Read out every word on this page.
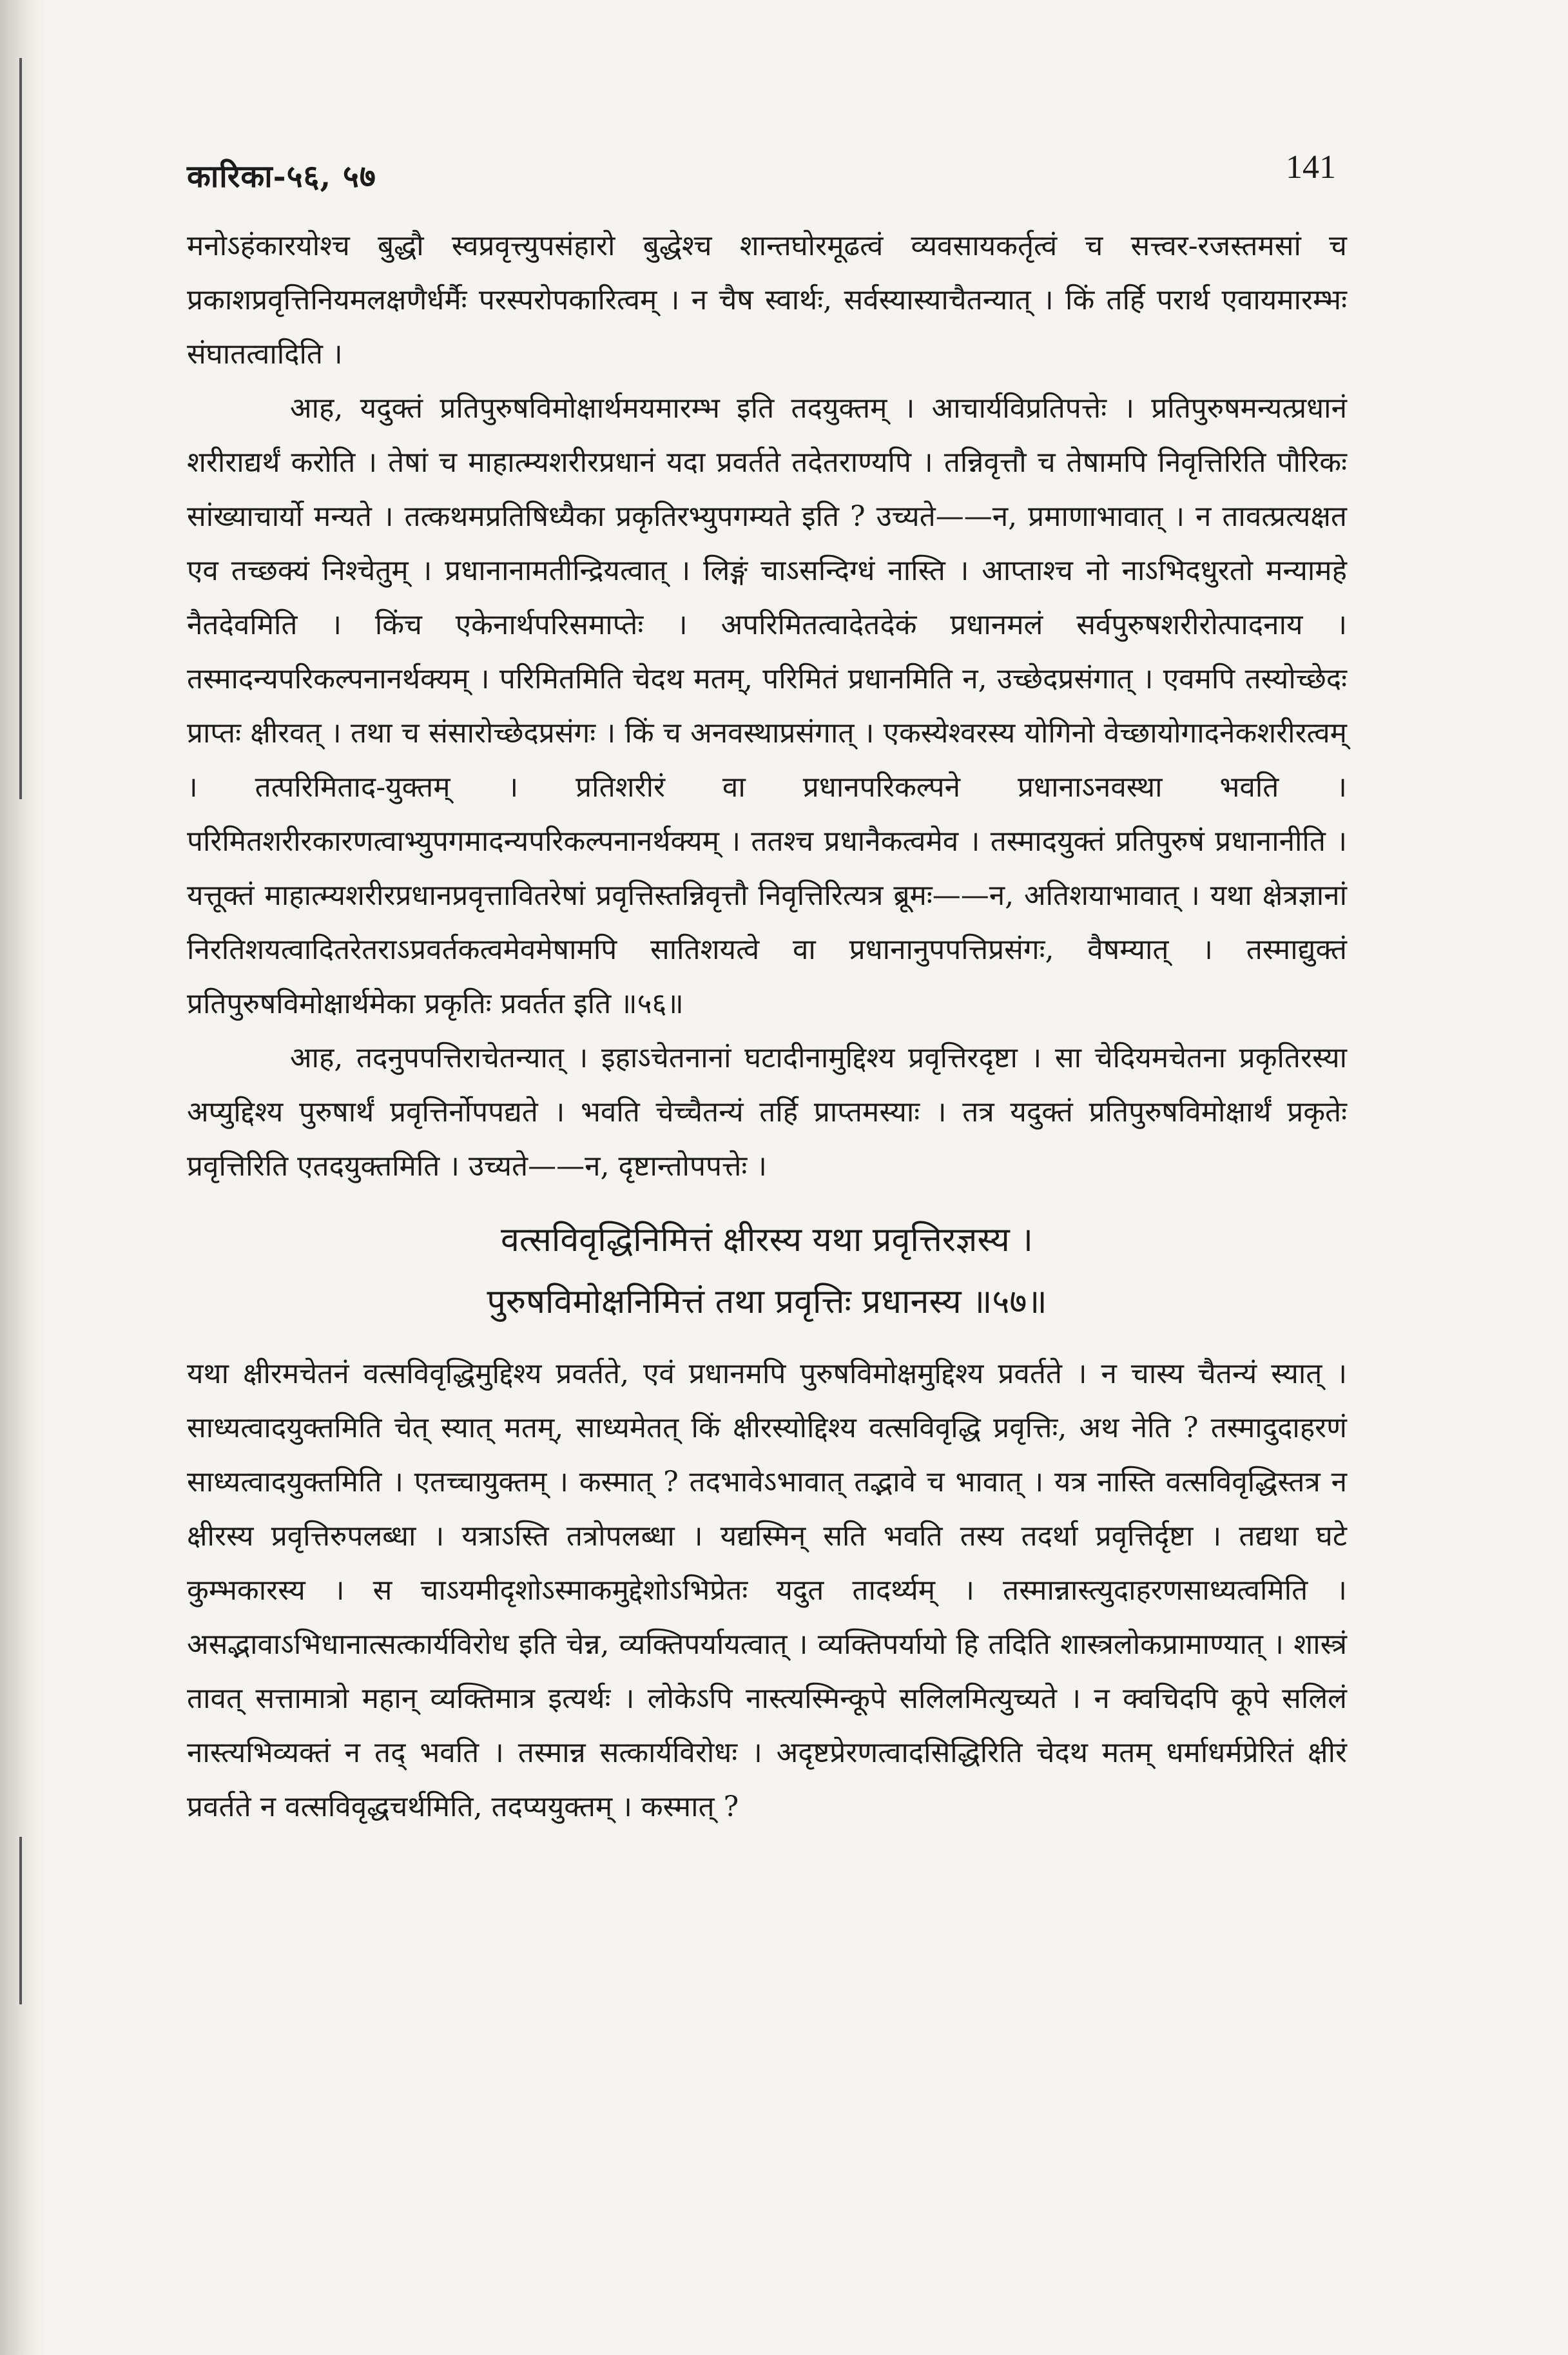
कारिका-५६, ५७	141

मनोऽहंकारयोश्च बुद्धौ स्वप्रवृत्त्युपसंहारो बुद्धेश्च शान्तघोरमूढत्वं व्यवसायकर्तृत्वं च सत्त्वर-रजस्तमसां च प्रकाशप्रवृत्तिनियमलक्षणैर्धर्मैः परस्परोपकारित्वम् । न चैष स्वार्थः, सर्वस्यास्याचैतन्यात् । किं तर्हि परार्थ एवायमारम्भः संघातत्वादिति ।

आह, यदुक्तं प्रतिपुरुषविमोक्षार्थमयमारम्भ इति तदयुक्तम् । आचार्यविप्रतिपत्तेः । प्रतिपुरुषमन्यत्प्रधानं शरीराद्यर्थं करोति । तेषां च माहात्म्यशरीरप्रधानं यदा प्रवर्तते तदेतराण्यपि । तन्निवृत्तौ च तेषामपि निवृत्तिरिति पौरिकः सांख्याचार्यो मन्यते । तत्कथमप्रतिषिध्यैका प्रकृतिरभ्युपगम्यते इति ? उच्यते——न, प्रमाणाभावात् । न तावत्प्रत्यक्षत एव तच्छक्यं निश्चेतुम् । प्रधानानामतीन्द्रियत्वात् । लिङ्गं चाऽसन्दिग्धं नास्ति । आप्ताश्च नो नाऽभिदधुरतो मन्यामहे नैतदेवमिति । किंच एकेनार्थपरिसमाप्तेः । अपरिमितत्वादेतदेकं प्रधानमलं सर्वपुरुषशरीरोत्पादनाय । तस्मादन्यपरिकल्पनानर्थक्यम् । परिमितमिति चेदथ मतम्, परिमितं प्रधानमिति न, उच्छेदप्रसंगात् । एवमपि तस्योच्छेदः प्राप्तः क्षीरवत् । तथा च संसारोच्छेदप्रसंगः । किं च अनवस्थाप्रसंगात् । एकस्येश्वरस्य योगिनो वेच्छायोगादनेकशरीरत्वम् । तत्परिमिताद-युक्तम् । प्रतिशरीरं वा प्रधानपरिकल्पने प्रधानाऽनवस्था भवति । परिमितशरीरकारणत्वाभ्युपगमादन्यपरिकल्पनानर्थक्यम् । ततश्च प्रधानैकत्वमेव । तस्मादयुक्तं प्रतिपुरुषं प्रधानानीति । यत्तूक्तं माहात्म्यशरीरप्रधानप्रवृत्तावितरेषां प्रवृत्तिस्तन्निवृत्तौ निवृत्तिरित्यत्र ब्रूमः——न, अतिशयाभावात् । यथा क्षेत्रज्ञानां निरतिशयत्वादितरेतराऽप्रवर्तकत्वमेवमेषामपि सातिशयत्वे वा प्रधानानुपपत्तिप्रसंगः, वैषम्यात् । तस्माद्युक्तं प्रतिपुरुषविमोक्षार्थमेका प्रकृतिः प्रवर्तत इति ॥५६॥

आह, तदनुपपत्तिराचेतन्यात् । इहाऽचेतनानां घटादीनामुद्दिश्य प्रवृत्तिरदृष्टा । सा चेदियमचेतना प्रकृतिरस्या अप्युद्दिश्य पुरुषार्थं प्रवृत्तिर्नोपपद्यते । भवति चेच्चैतन्यं तर्हि प्राप्तमस्याः । तत्र यदुक्तं प्रतिपुरुषविमोक्षार्थं प्रकृतेः प्रवृत्तिरिति एतदयुक्तमिति । उच्यते——न, दृष्टान्तोपपत्तेः ।

वत्सविवृद्धिनिमित्तं क्षीरस्य यथा प्रवृत्तिरज्ञस्य ।
पुरुषविमोक्षनिमित्तं तथा प्रवृत्तिः प्रधानस्य ॥५७॥

यथा क्षीरमचेतनं वत्सविवृद्धिमुद्दिश्य प्रवर्तते, एवं प्रधानमपि पुरुषविमोक्षमुद्दिश्य प्रवर्तते । न चास्य चैतन्यं स्यात् । साध्यत्वादयुक्तमिति चेत् स्यात् मतम्, साध्यमेतत् किं क्षीरस्योद्दिश्य वत्सविवृद्धि प्रवृत्तिः, अथ नेति ? तस्मादुदाहरणं साध्यत्वादयुक्तमिति । एतच्चायुक्तम् । कस्मात् ? तदभावेऽभावात् तद्भावे च भावात् । यत्र नास्ति वत्सविवृद्धिस्तत्र न क्षीरस्य प्रवृत्तिरुपलब्धा । यत्राऽस्ति तत्रोपलब्धा । यद्यस्मिन् सति भवति तस्य तदर्था प्रवृत्तिर्दृष्टा । तद्यथा घटे कुम्भकारस्य । स चाऽयमीदृशोऽस्माकमुद्देशोऽभिप्रेतः यदुत तादर्थ्यम् । तस्मान्नास्त्युदाहरणसाध्यत्वमिति । असद्भावाऽभिधानात्सत्कार्यविरोध इति चेन्न, व्यक्तिपर्यायत्वात् । व्यक्तिपर्यायो हि तदिति शास्त्रलोकप्रामाण्यात् । शास्त्रं तावत् सत्तामात्रो महान् व्यक्तिमात्र इत्यर्थः । लोकेऽपि नास्त्यस्मिन्कूपे सलिलमित्युच्यते । न क्वचिदपि कूपे सलिलं नास्त्यभिव्यक्तं न तद् भवति । तस्मान्न सत्कार्यविरोधः । अदृष्टप्रेरणत्वादसिद्धिरिति चेदथ मतम् धर्माधर्मप्रेरितं क्षीरं प्रवर्तते न वत्सविवृद्धचर्थमिति, तदप्ययुक्तम् । कस्मात् ?
